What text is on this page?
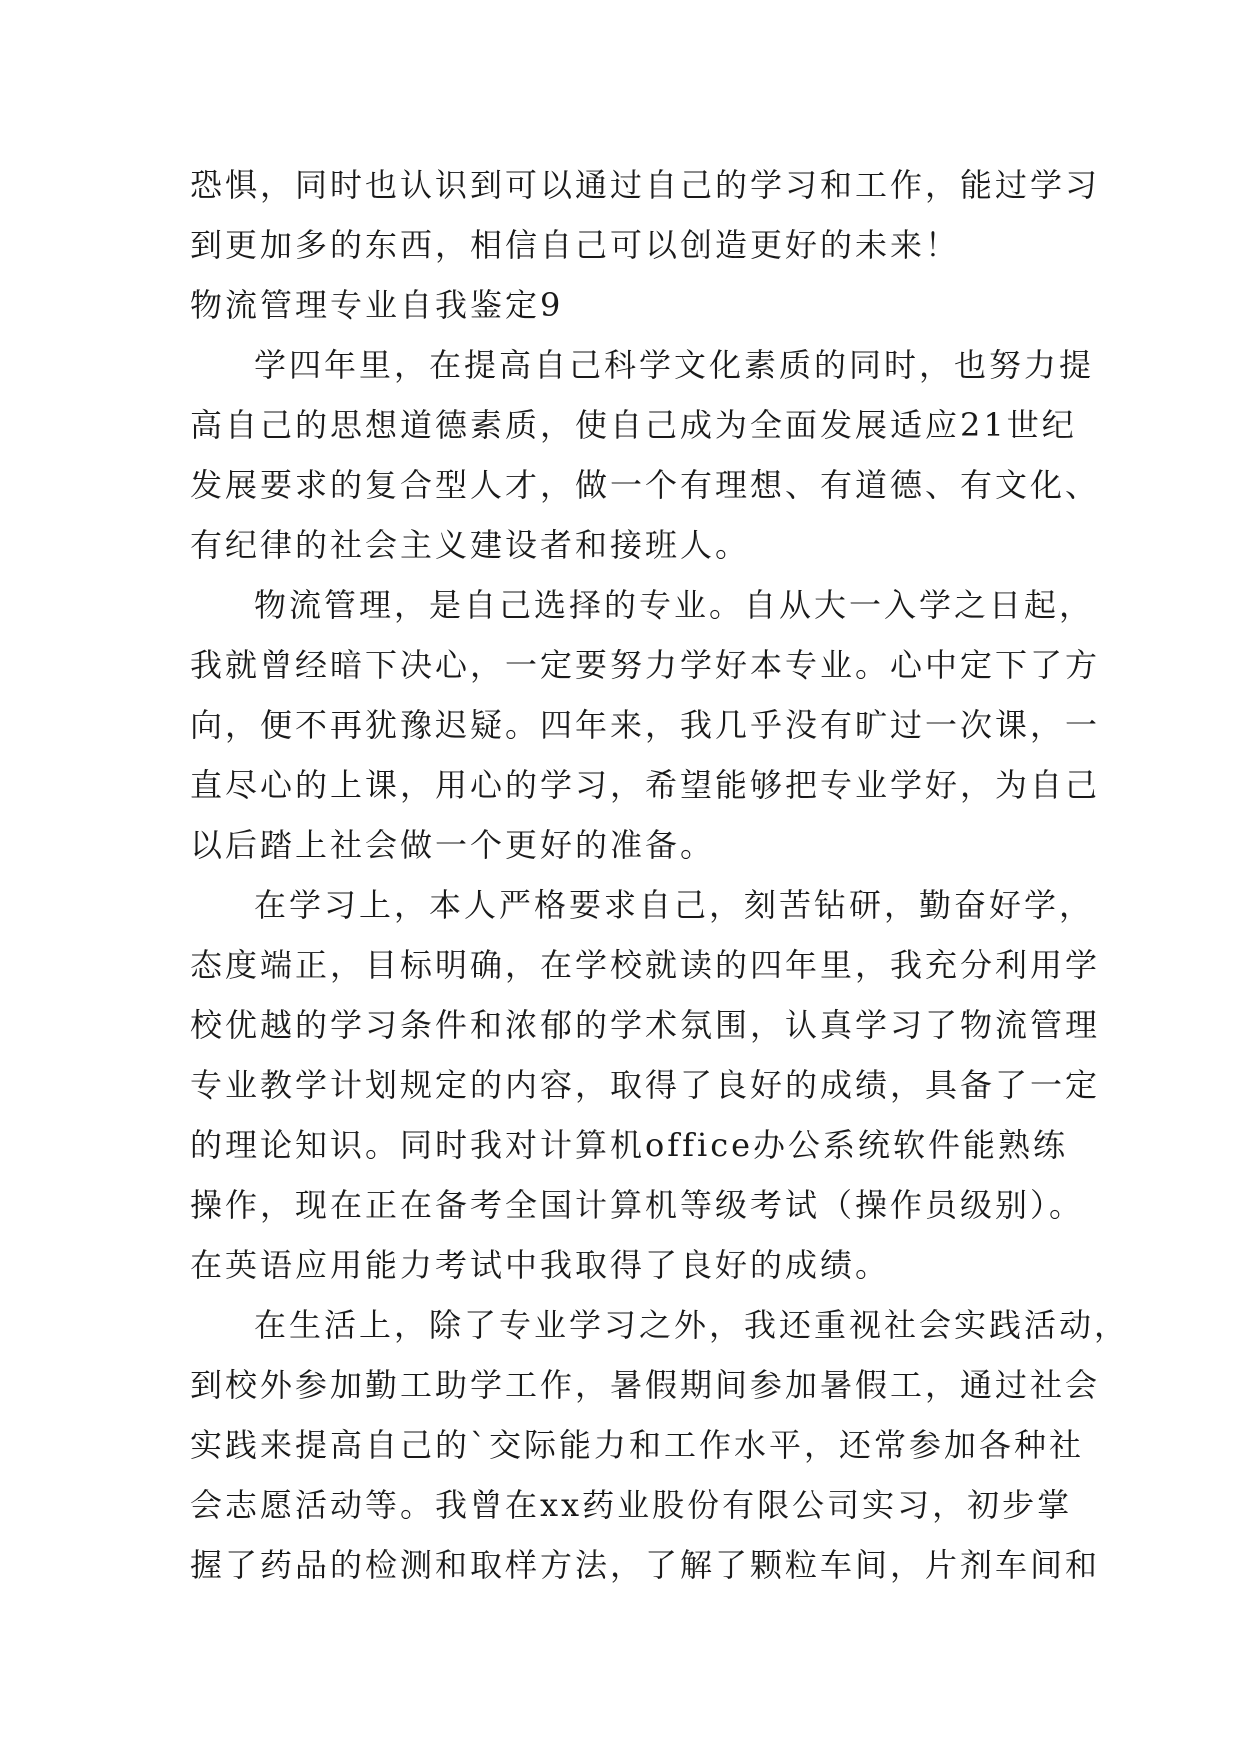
恐惧，同时也认识到可以通过自己的学习和工作，能过学习
到更加多的东西，相信自己可以创造更好的未来！
物流管理专业自我鉴定9
学四年里，在提高自己科学文化素质的同时，也努力提
高自己的思想道德素质，使自己成为全面发展适应21世纪
发展要求的复合型人才，做一个有理想、有道德、有文化、
有纪律的社会主义建设者和接班人。
物流管理，是自己选择的专业。自从大一入学之日起，
我就曾经暗下决心，一定要努力学好本专业。心中定下了方
向，便不再犹豫迟疑。四年来，我几乎没有旷过一次课，一
直尽心的上课，用心的学习，希望能够把专业学好，为自己
以后踏上社会做一个更好的准备。
在学习上，本人严格要求自己，刻苦钻研，勤奋好学，
态度端正，目标明确，在学校就读的四年里，我充分利用学
校优越的学习条件和浓郁的学术氛围，认真学习了物流管理
专业教学计划规定的内容，取得了良好的成绩，具备了一定
的理论知识。同时我对计算机office办公系统软件能熟练
操作，现在正在备考全国计算机等级考试（操作员级别）。
在英语应用能力考试中我取得了良好的成绩。
在生活上，除了专业学习之外，我还重视社会实践活动，
到校外参加勤工助学工作，暑假期间参加暑假工，通过社会
实践来提高自己的`交际能力和工作水平，还常参加各种社
会志愿活动等。我曾在xx药业股份有限公司实习，初步掌
握了药品的检测和取样方法，了解了颗粒车间，片剂车间和
